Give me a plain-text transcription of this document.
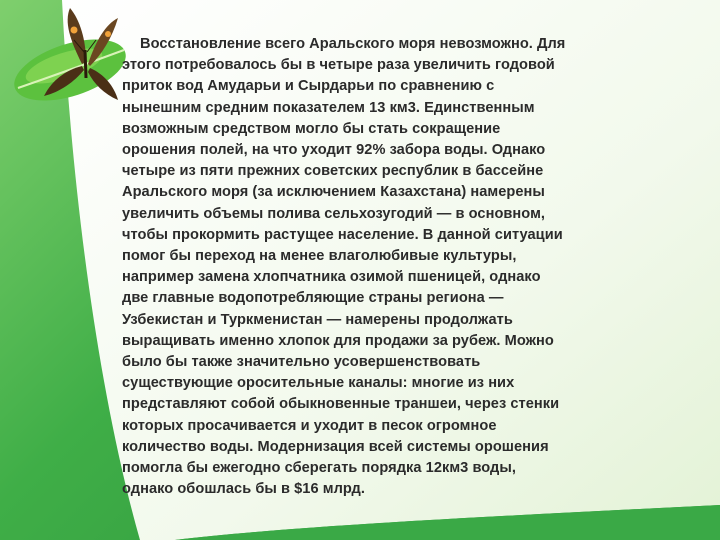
Восстановление всего Аральского моря невозможно. Для
этого потребовалось бы в четыре раза увеличить годовой
приток вод Амударьи и Сырдарьи по сравнению с
нынешним средним показателем 13 км3. Единственным
возможным средством могло бы стать сокращение
орошения полей, на что уходит 92% забора воды. Однако
четыре из пяти прежних советских республик в бассейне
Аральского моря (за исключением Казахстана) намерены
увеличить объемы полива сельхозугодий — в основном,
чтобы прокормить растущее население. В данной ситуации
помог бы переход на менее влаголюбивые культуры,
например замена хлопчатника озимой пшеницей, однако
две главные водопотребляющие страны региона —
Узбекистан и Туркменистан — намерены продолжать
выращивать именно хлопок для продажи за рубеж. Можно
было бы также значительно усовершенствовать
существующие оросительные каналы: многие из них
представляют собой обыкновенные траншеи, через стенки
которых просачивается и уходит в песок огромное
количество воды. Модернизация всей системы орошения
помогла бы ежегодно сберегать порядка 12км3 воды,
однако обошлась бы в $16 млрд.
